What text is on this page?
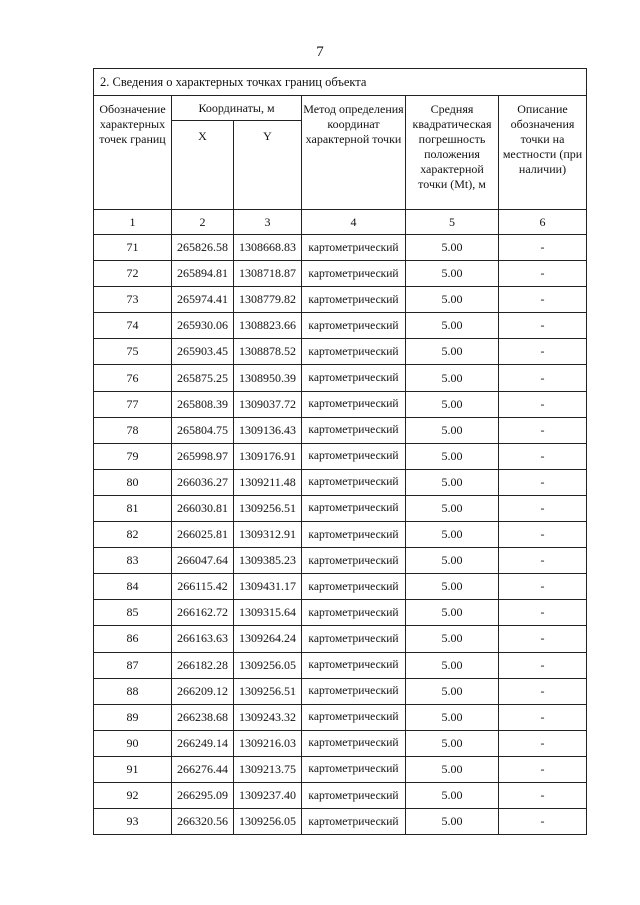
7
2. Сведения о характерных точках границ объекта					
Обозначение характерных точек границ	Координаты, м		Метод определения координат характерной точки	Средняя квадратическая погрешность положения характерной точки (Mt), м	Описание обозначения точки на местности (при наличии)
	X	Y			
1	2	3	4	5	6
71	265826.58	1308668.83	картометрический	5.00	-
72	265894.81	1308718.87	картометрический	5.00	-
73	265974.41	1308779.82	картометрический	5.00	-
74	265930.06	1308823.66	картометрический	5.00	-
75	265903.45	1308878.52	картометрический	5.00	-
76	265875.25	1308950.39	картометрический	5.00	-
77	265808.39	1309037.72	картометрический	5.00	-
78	265804.75	1309136.43	картометрический	5.00	-
79	265998.97	1309176.91	картометрический	5.00	-
80	266036.27	1309211.48	картометрический	5.00	-
81	266030.81	1309256.51	картометрический	5.00	-
82	266025.81	1309312.91	картометрический	5.00	-
83	266047.64	1309385.23	картометрический	5.00	-
84	266115.42	1309431.17	картометрический	5.00	-
85	266162.72	1309315.64	картометрический	5.00	-
86	266163.63	1309264.24	картометрический	5.00	-
87	266182.28	1309256.05	картометрический	5.00	-
88	266209.12	1309256.51	картометрический	5.00	-
89	266238.68	1309243.32	картометрический	5.00	-
90	266249.14	1309216.03	картометрический	5.00	-
91	266276.44	1309213.75	картометрический	5.00	-
92	266295.09	1309237.40	картометрический	5.00	-
93	266320.56	1309256.05	картометрический	5.00	-
